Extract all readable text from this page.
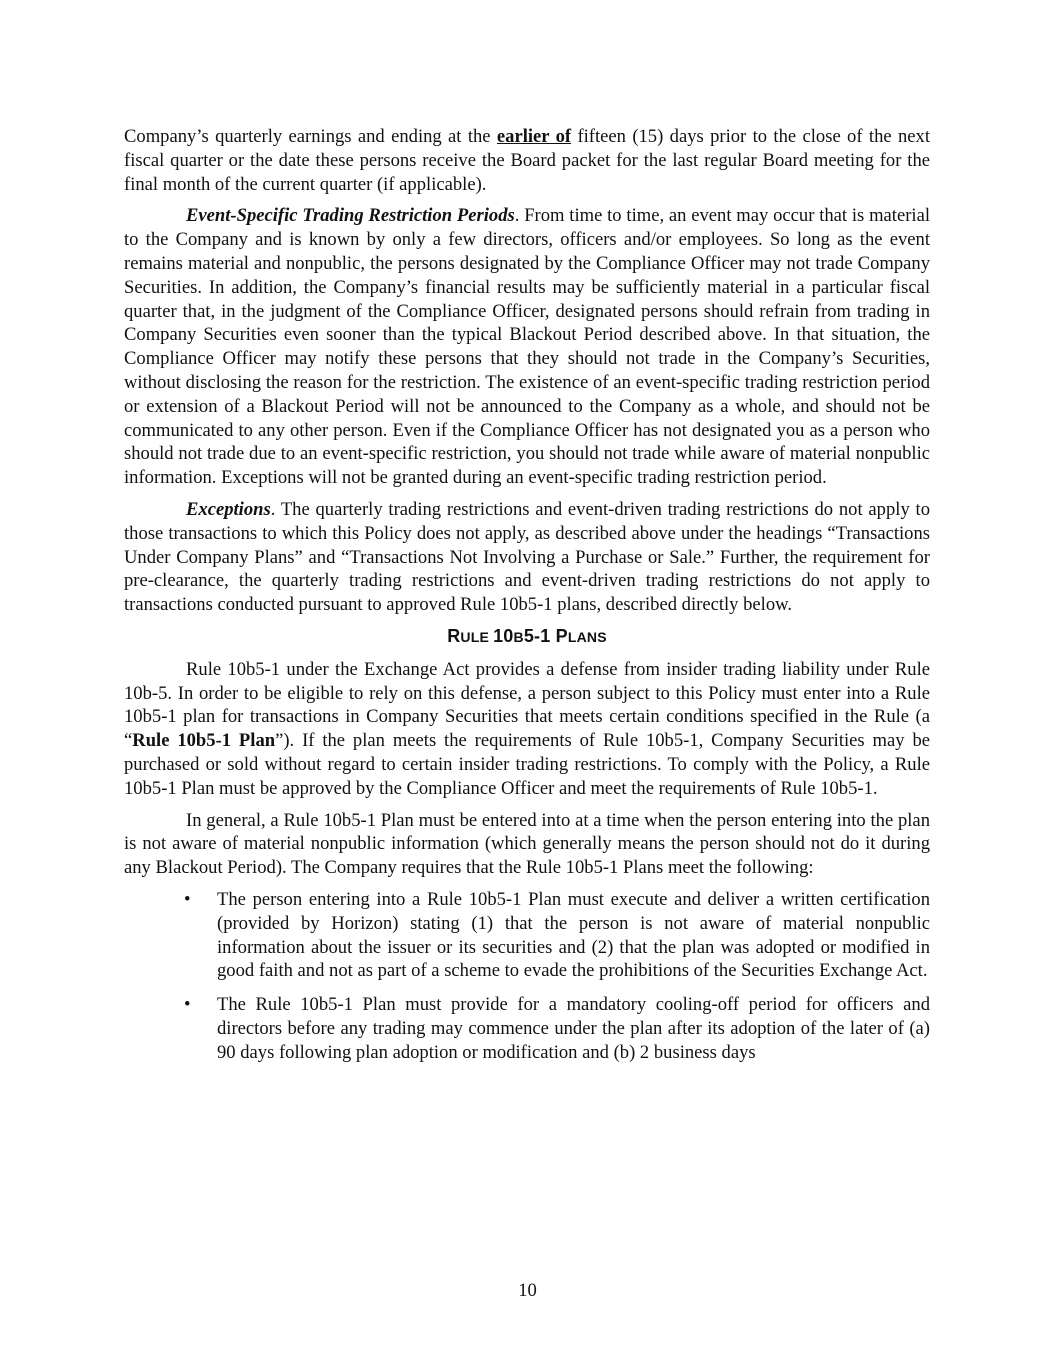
Company’s quarterly earnings and ending at the earlier of fifteen (15) days prior to the close of the next fiscal quarter or the date these persons receive the Board packet for the last regular Board meeting for the final month of the current quarter (if applicable).

Event-Specific Trading Restriction Periods. From time to time, an event may occur that is material to the Company and is known by only a few directors, officers and/or employees. So long as the event remains material and nonpublic, the persons designated by the Compliance Officer may not trade Company Securities. In addition, the Company’s financial results may be sufficiently material in a particular fiscal quarter that, in the judgment of the Compliance Officer, designated persons should refrain from trading in Company Securities even sooner than the typical Blackout Period described above. In that situation, the Compliance Officer may notify these persons that they should not trade in the Company’s Securities, without disclosing the reason for the restriction. The existence of an event-specific trading restriction period or extension of a Blackout Period will not be announced to the Company as a whole, and should not be communicated to any other person. Even if the Compliance Officer has not designated you as a person who should not trade due to an event-specific restriction, you should not trade while aware of material nonpublic information. Exceptions will not be granted during an event-specific trading restriction period.

Exceptions. The quarterly trading restrictions and event-driven trading restrictions do not apply to those transactions to which this Policy does not apply, as described above under the headings “Transactions Under Company Plans” and “Transactions Not Involving a Purchase or Sale.” Further, the requirement for pre-clearance, the quarterly trading restrictions and event-driven trading restrictions do not apply to transactions conducted pursuant to approved Rule 10b5-1 plans, described directly below.

RULE 10B5-1 PLANS

Rule 10b5-1 under the Exchange Act provides a defense from insider trading liability under Rule 10b-5. In order to be eligible to rely on this defense, a person subject to this Policy must enter into a Rule 10b5-1 plan for transactions in Company Securities that meets certain conditions specified in the Rule (a “Rule 10b5-1 Plan”). If the plan meets the requirements of Rule 10b5-1, Company Securities may be purchased or sold without regard to certain insider trading restrictions. To comply with the Policy, a Rule 10b5-1 Plan must be approved by the Compliance Officer and meet the requirements of Rule 10b5-1.

In general, a Rule 10b5-1 Plan must be entered into at a time when the person entering into the plan is not aware of material nonpublic information (which generally means the person should not do it during any Blackout Period). The Company requires that the Rule 10b5-1 Plans meet the following:

• The person entering into a Rule 10b5-1 Plan must execute and deliver a written certification (provided by Horizon) stating (1) that the person is not aware of material nonpublic information about the issuer or its securities and (2) that the plan was adopted or modified in good faith and not as part of a scheme to evade the prohibitions of the Securities Exchange Act.
• The Rule 10b5-1 Plan must provide for a mandatory cooling-off period for officers and directors before any trading may commence under the plan after its adoption of the later of (a) 90 days following plan adoption or modification and (b) 2 business days
10
